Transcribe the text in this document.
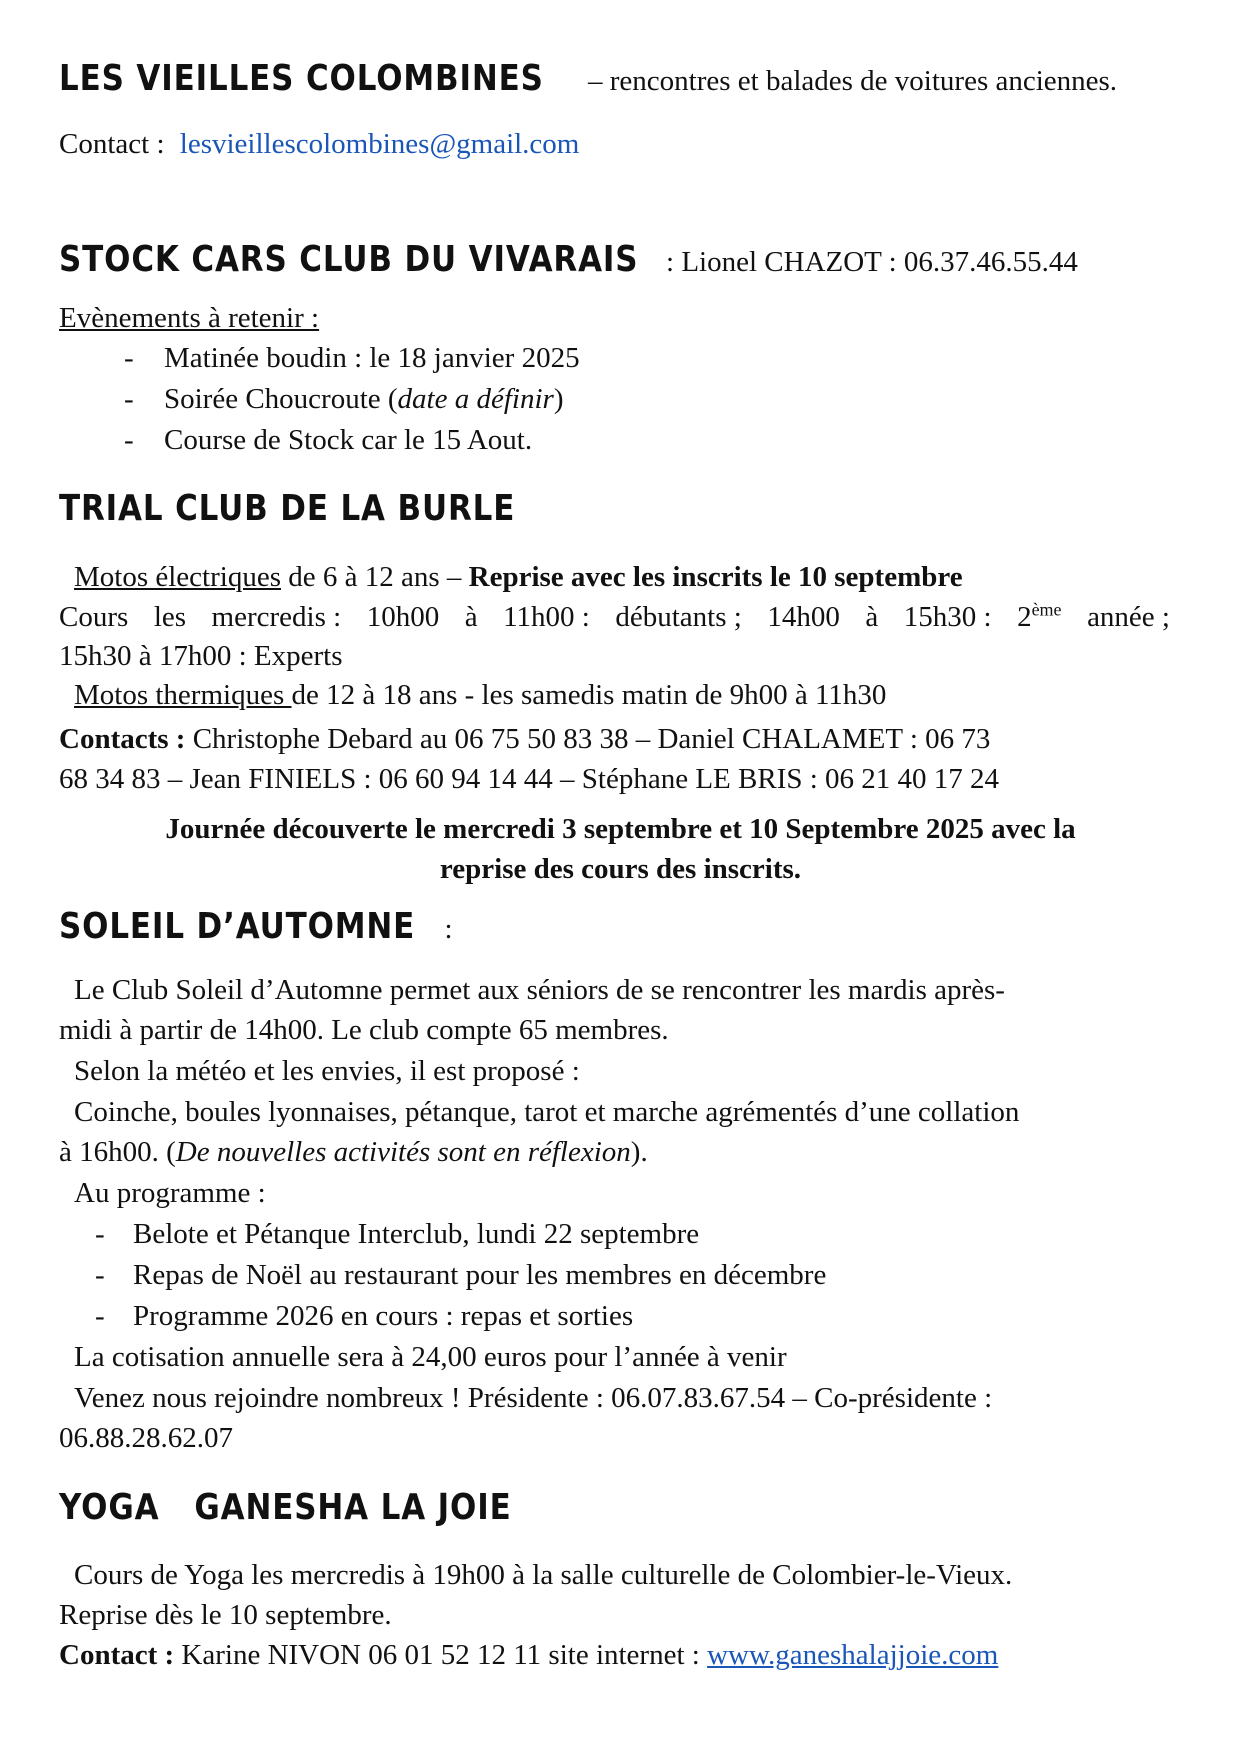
LES VIEILLES COLOMBINES – rencontres et balades de voitures anciennes.
Contact : lesvieillescolombines@gmail.com
STOCK CARS CLUB DU VIVARAIS : Lionel CHAZOT : 06.37.46.55.44
Evènements à retenir :
- Matinée boudin : le 18 janvier 2025
- Soirée Choucroute (date a définir)
- Course de Stock car le 15 Aout.
TRIAL CLUB DE LA BURLE
Motos électriques de 6 à 12 ans – Reprise avec les inscrits le 10 septembre
Cours les mercredis : 10h00 à 11h00 : débutants ; 14h00 à 15h30 : 2ème année ;
15h30 à 17h00 : Experts
Motos thermiques de 12 à 18 ans - les samedis matin de 9h00 à 11h30
Contacts : Christophe Debard au 06 75 50 83 38 – Daniel CHALAMET : 06 73
68 34 83 – Jean FINIELS : 06 60 94 14 44 – Stéphane LE BRIS : 06 21 40 17 24
Journée découverte le mercredi 3 septembre et 10 Septembre 2025 avec la
reprise des cours des inscrits.
SOLEIL D’AUTOMNE :
Le Club Soleil d’Automne permet aux séniors de se rencontrer les mardis après-
midi à partir de 14h00. Le club compte 65 membres.
Selon la météo et les envies, il est proposé :
Coinche, boules lyonnaises, pétanque, tarot et marche agrémentés d’une collation
à 16h00. (De nouvelles activités sont en réflexion).
Au programme :
- Belote et Pétanque Interclub, lundi 22 septembre
- Repas de Noël au restaurant pour les membres en décembre
- Programme 2026 en cours : repas et sorties
La cotisation annuelle sera à 24,00 euros pour l’année à venir
Venez nous rejoindre nombreux ! Présidente : 06.07.83.67.54 – Co-présidente :
06.88.28.62.07
YOGA   GANESHA LA JOIE
Cours de Yoga les mercredis à 19h00 à la salle culturelle de Colombier-le-Vieux.
Reprise dès le 10 septembre.
Contact : Karine NIVON 06 01 52 12 11 site internet : www.ganeshalajjoie.com
